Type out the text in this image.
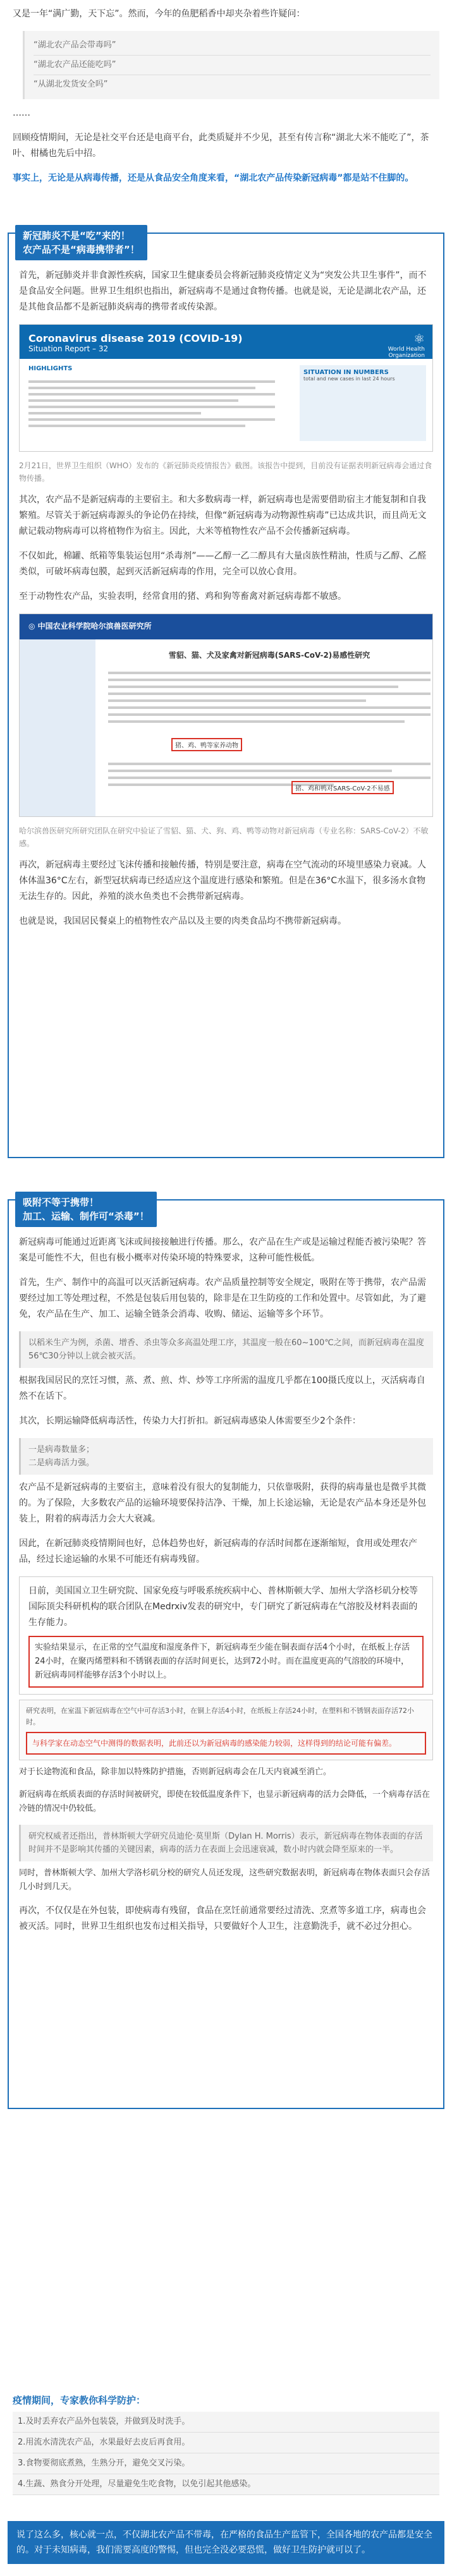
又是一年“满广勤，天下忘”。然而，今年的鱼肥稻香中却夹杂着些许疑问：

“湖北农产品会带毒吗”
“湖北农产品还能吃吗”
“从湖北发货安全吗”

……

回顾疫情期间，无论是社交平台还是电商平台，此类质疑并不少见，甚至有传言称“湖北大米不能吃了”，茶叶、柑橘也先后中招。

事实上，无论是从病毒传播，还是从食品安全角度来看，“湖北农产品传染新冠病毒”都是站不住脚的。

新冠肺炎不是“吃”来的！
农产品不是“病毒携带者”！

首先，新冠肺炎并非食源性疾病，国家卫生健康委员会将新冠肺炎疫情定义为“突发公共卫生事件”，而不是食品安全问题。世界卫生组织也指出，新冠病毒不是通过食物传播。也就是说，无论是湖北农产品，还是其他食品都不是新冠肺炎病毒的携带者或传染源。

Coronavirus disease 2019 (COVID-19)
Situation Report – 32
⚛
World Health Organization
HIGHLIGHTS
SITUATION IN NUMBERS
total and new cases in last 24 hours

2月21日，世界卫生组织（WHO）发布的《新冠肺炎疫情报告》截图。该报告中提到，目前没有证据表明新冠病毒会通过食物传播。

其次，农产品不是新冠病毒的主要宿主。和大多数病毒一样，新冠病毒也是需要借助宿主才能复制和自我繁殖。尽管关于新冠病毒源头的争论仍在持续，但像“新冠病毒为动物源性病毒”已达成共识，而且尚无文献记载动物病毒可以将植物作为宿主。因此，大米等植物性农产品不会传播新冠病毒。

不仅如此，棉罐、纸箱等集装运包用“杀毒剂”——乙醇一乙二醇具有大量卤族性精油，性质与乙醇、乙醛类似，可破坏病毒包膜，起到灭活新冠病毒的作用，完全可以放心食用。

至于动物性农产品，实验表明，经常食用的猪、鸡和狗等畜禽对新冠病毒都不敏感。

◎ 中国农业科学院哈尔滨兽医研究所
雪貂、猫、犬及家禽对新冠病毒(SARS-CoV-2)易感性研究
猪、鸡、鸭等家养动物
猪、鸡和鸭对SARS-CoV-2不易感

哈尔滨兽医研究所研究团队在研究中验证了雪貂、猫、犬、狗、鸡、鸭等动物对新冠病毒（专业名称：SARS-CoV-2）不敏感。

再次，新冠病毒主要经过飞沫传播和接触传播，特别是要注意，病毒在空气流动的环境里感染力衰减。人体体温36°C左右，新型冠状病毒已经适应这个温度进行感染和繁殖。但是在36°C水温下，很多汤水食物无法生存的。因此，养殖的淡水鱼类也不会携带新冠病毒。

也就是说，我国居民餐桌上的植物性农产品以及主要的肉类食品均不携带新冠病毒。

吸附不等于携带！
加工、运输、制作可“杀毒”！

新冠病毒可能通过近距离飞沫或间接接触进行传播。那么，农产品在生产或是运输过程能否被污染呢？答案是可能性不大，但也有极小概率对传染环境的特殊要求，这种可能性极低。

首先，生产、制作中的高温可以灭活新冠病毒。农产品质量控制等安全规定，吸附在等于携带，农产品需要经过加工等处理过程，不然是包装后用包装的，除非是在卫生防疫的工作和处置中。尽管如此，为了避免，农产品在生产、加工、运输全链条会消毒、收购、储运、运输等多个环节。

以稻米生产为例，杀菌、增香、杀虫等众多高温处理工序，其温度一般在60~100℃之间，而新冠病毒在温度56℃30分钟以上就会被灭活。

根据我国居民的烹饪习惯，蒸、煮、煎、炸、炒等工序所需的温度几乎都在100摄氏度以上，灭活病毒自然不在话下。

其次，长期运输降低病毒活性，传染力大打折扣。新冠病毒感染人体需要至少2个条件：

一是病毒数量多；
二是病毒活力强。

农产品不是新冠病毒的主要宿主，意味着没有很大的复制能力，只依靠吸附，获得的病毒量也是微乎其微的。为了保险，大多数农产品的运输环境要保持洁净、干燥，加上长途运输，无论是农产品本身还是外包装上，附着的病毒活力会大大衰减。

因此，在新冠肺炎疫情期间也好，总体趋势也好，新冠病毒的存活时间都在逐渐缩短，食用或处理农产品，经过长途运输的水果不可能还有病毒残留。

日前，美国国立卫生研究院、国家免疫与呼吸系统疾病中心、普林斯顿大学、加州大学洛杉矶分校等国际顶尖科研机构的联合团队在Medrxiv发表的研究中，专门研究了新冠病毒在气溶胶及材料表面的生存能力。

实验结果显示，在正常的空气温度和湿度条件下，新冠病毒至少能在铜表面存活4个小时，在纸板上存活24小时，在聚丙烯塑料和不锈钢表面的存活时间更长，达到72小时。而在温度更高的气溶胶的环境中，新冠病毒同样能够存活3个小时以上。
研究表明，在室温下新冠病毒在空气中可存活3小时，在铜上存活4小时，在纸板上存活24小时，在塑料和不锈钢表面存活72小时。
与科学家在动态空气中测得的数据表明，此前还以为新冠病毒的感染能力较弱，这样得到的结论可能有偏差。

对于长途物流和食品，除非加以特殊防护措施，否则新冠病毒会在几天内衰减至消亡。

新冠病毒在纸质表面的存活时间被研究，即使在较低温度条件下，也显示新冠病毒的活力会降低，一个病毒存活在冷链的情况中仍较低。

研究权威者还指出，普林斯顿大学研究员迪伦·莫里斯（Dylan H. Morris）表示，新冠病毒在物体表面的存活时间并不是影响其传播的关键因素，病毒的活力在表面上会迅速衰减，数小时内就会降至原来的一半。

同时，普林斯顿大学、加州大学洛杉矶分校的研究人员还发现，这些研究数据表明，新冠病毒在物体表面只会存活几小时到几天。

再次，不仅仅是在外包装，即使病毒有残留，食品在烹饪前通常要经过清洗、烹煮等多道工序，病毒也会被灭活。同时，世界卫生组织也发布过相关指导，只要做好个人卫生，注意勤洗手，就不必过分担心。

疫情期间，专家教你科学防护：
1.及时丢弃农产品外包装袋，并做到及时洗手。
2.用流水清洗农产品，水果最好去皮后再食用。
3.食物要彻底煮熟，生熟分开，避免交叉污染。
4.生蔬、熟食分开处理，尽量避免生吃食物，以免引起其他感染。
说了这么多，核心就一点，不仅湖北农产品不带毒，在严格的食品生产监管下，全国各地的农产品都是安全的。对于未知病毒，我们需要高度的警惕，但也完全没必要恐慌，做好卫生防护就可以了。
